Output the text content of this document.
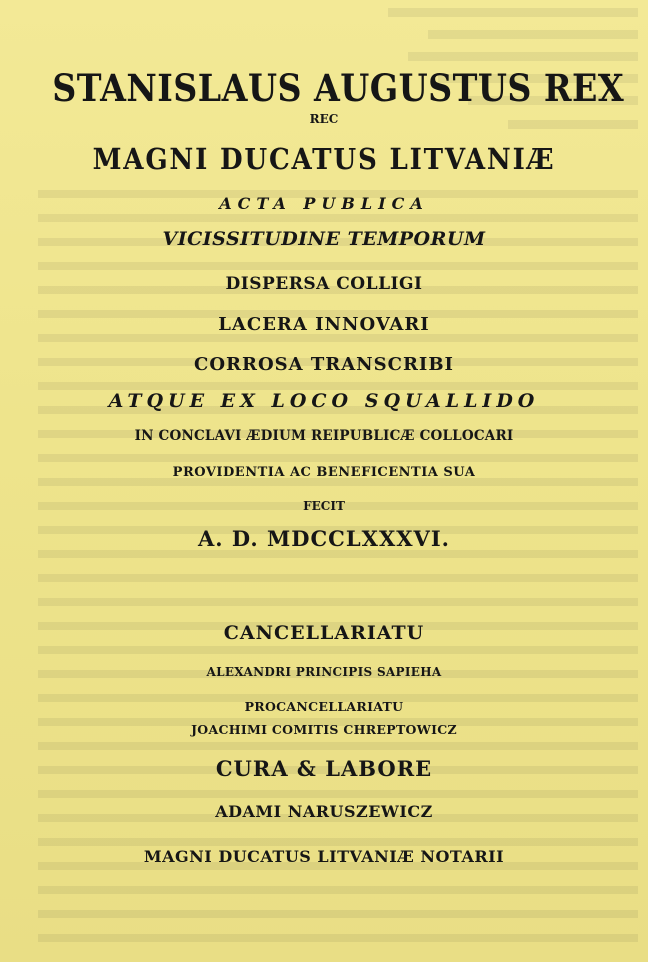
STANISLAUS AUGUSTUS REX
REC
MAGNI DUCATUS LITVANIÆ
ACTA PUBLICA
VICISSITUDINE TEMPORUM
DISPERSA COLLIGI
LACERA INNOVARI
CORROSA TRANSCRIBI
ATQUE EX LOCO SQUALLIDO
IN CONCLAVI ÆDIUM REIPUBLICÆ COLLOCARI
PROVIDENTIA AC BENEFICENTIA SUA
FECIT
A. D. MDCCLXXXVI.
CANCELLARIATU
ALEXANDRI PRINCIPIS SAPIEHA
PROCANCELLARIATU
JOACHIMI COMITIS CHREPTOWICZ
CURA & LABORE
ADAMI NARUSZEWICZ
MAGNI DUCATUS LITVANIÆ NOTARII
